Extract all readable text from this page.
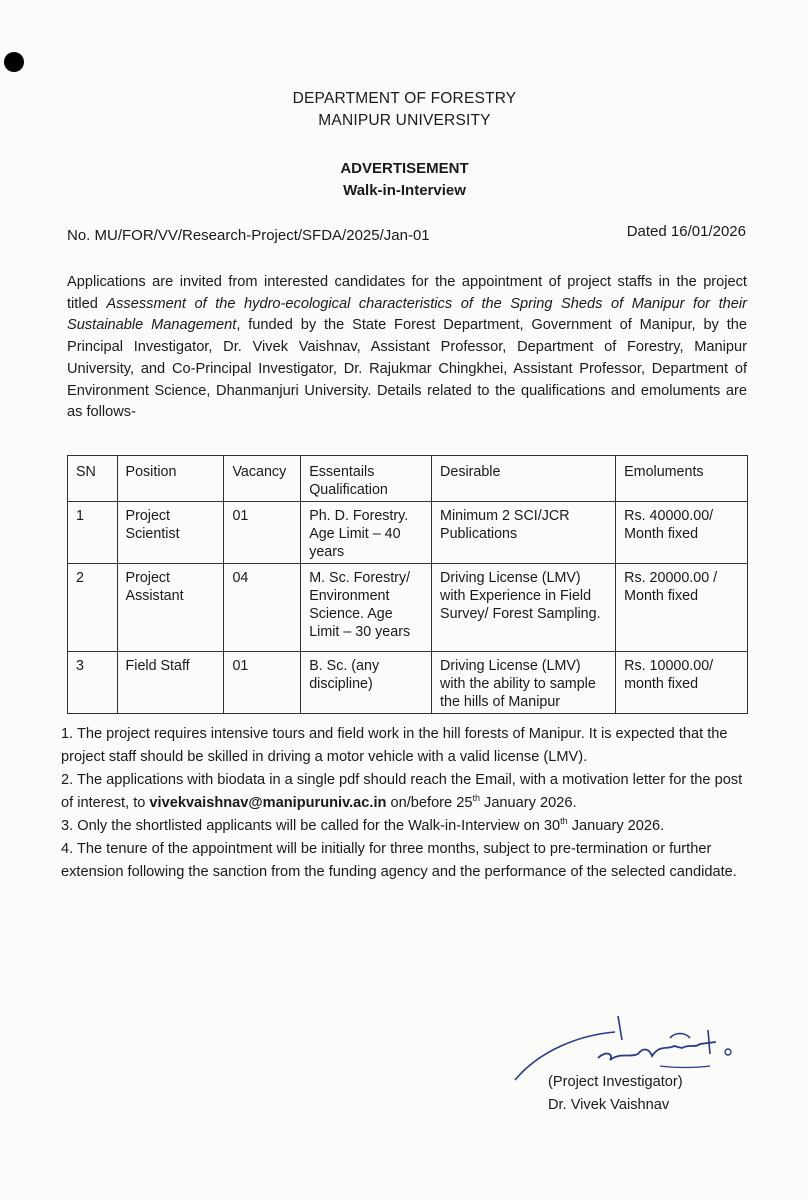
DEPARTMENT OF FORESTRY
MANIPUR UNIVERSITY
ADVERTISEMENT
Walk-in-Interview
No. MU/FOR/VV/Research-Project/SFDA/2025/Jan-01	Dated 16/01/2026
Applications are invited from interested candidates for the appointment of project staffs in the project titled Assessment of the hydro-ecological characteristics of the Spring Sheds of Manipur for their Sustainable Management, funded by the State Forest Department, Government of Manipur, by the Principal Investigator, Dr. Vivek Vaishnav, Assistant Professor, Department of Forestry, Manipur University, and Co-Principal Investigator, Dr. Rajukmar Chingkhei, Assistant Professor, Department of Environment Science, Dhanmanjuri University. Details related to the qualifications and emoluments are as follows-
SN	Position	Vacancy	Essentails Qualification	Desirable	Emoluments
1	Project Scientist	01	Ph. D. Forestry. Age Limit – 40 years	Minimum 2 SCI/JCR Publications	Rs. 40000.00/ Month fixed
2	Project Assistant	04	M. Sc. Forestry/ Environment Science. Age Limit – 30 years	Driving License (LMV) with Experience in Field Survey/ Forest Sampling.	Rs. 20000.00 / Month fixed
3	Field Staff	01	B. Sc. (any discipline)	Driving License (LMV) with the ability to sample the hills of Manipur	Rs. 10000.00/ month fixed

1. The project requires intensive tours and field work in the hill forests of Manipur. It is expected that the project staff should be skilled in driving a motor vehicle with a valid license (LMV).

2. The applications with biodata in a single pdf should reach the Email, with a motivation letter for the post of interest, to vivekvaishnav@manipuruniv.ac.in on/before 25th January 2026.

3. Only the shortlisted applicants will be called for the Walk-in-Interview on 30th January 2026.

4. The tenure of the appointment will be initially for three months, subject to pre-termination or further extension following the sanction from the funding agency and the performance of the selected candidate.

(Project Investigator)
Dr. Vivek Vaishnav
